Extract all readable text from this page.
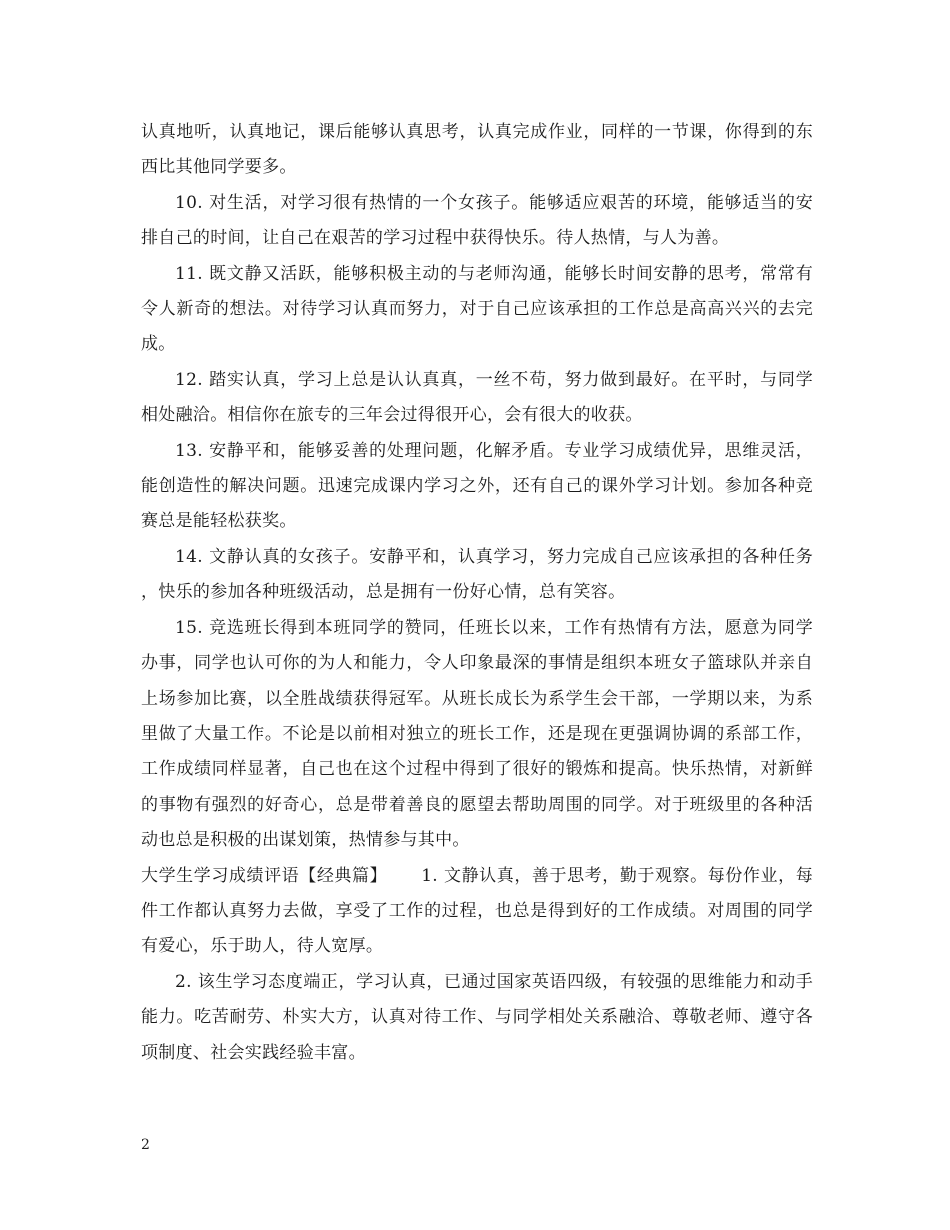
认真地听，认真地记，课后能够认真思考，认真完成作业，同样的一节课，你得到的东西比其他同学要多。

10. 对生活，对学习很有热情的一个女孩子。能够适应艰苦的环境，能够适当的安排自己的时间，让自己在艰苦的学习过程中获得快乐。待人热情，与人为善。

11. 既文静又活跃，能够积极主动的与老师沟通，能够长时间安静的思考，常常有令人新奇的想法。对待学习认真而努力，对于自己应该承担的工作总是高高兴兴的去完成。

12. 踏实认真，学习上总是认认真真，一丝不苟，努力做到最好。在平时，与同学相处融洽。相信你在旅专的三年会过得很开心，会有很大的收获。

13. 安静平和，能够妥善的处理问题，化解矛盾。专业学习成绩优异，思维灵活，能创造性的解决问题。迅速完成课内学习之外，还有自己的课外学习计划。参加各种竞赛总是能轻松获奖。

14. 文静认真的女孩子。安静平和，认真学习，努力完成自己应该承担的各种任务，快乐的参加各种班级活动，总是拥有一份好心情，总有笑容。

15. 竞选班长得到本班同学的赞同，任班长以来，工作有热情有方法，愿意为同学办事，同学也认可你的为人和能力，令人印象最深的事情是组织本班女子篮球队并亲自上场参加比赛，以全胜战绩获得冠军。从班长成长为系学生会干部，一学期以来，为系里做了大量工作。不论是以前相对独立的班长工作，还是现在更强调协调的系部工作，工作成绩同样显著，自己也在这个过程中得到了很好的锻炼和提高。快乐热情，对新鲜的事物有强烈的好奇心，总是带着善良的愿望去帮助周围的同学。对于班级里的各种活动也总是积极的出谋划策，热情参与其中。

大学生学习成绩评语【经典篇】 1. 文静认真，善于思考，勤于观察。每份作业，每件工作都认真努力去做，享受了工作的过程，也总是得到好的工作成绩。对周围的同学有爱心，乐于助人，待人宽厚。

2. 该生学习态度端正，学习认真，已通过国家英语四级，有较强的思维能力和动手能力。吃苦耐劳、朴实大方，认真对待工作、与同学相处关系融洽、尊敬老师、遵守各项制度、社会实践经验丰富。

2
